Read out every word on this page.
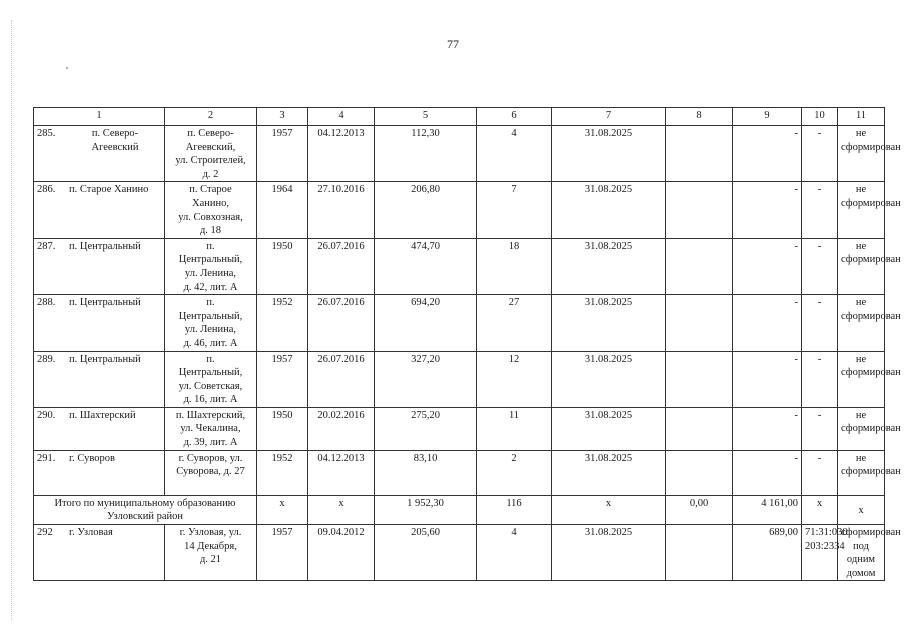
77
1	2	3	4	5	6	7	8	9	10	11

285. п. Северо-Агеевский	п. Северо-
Агеевский,
ул. Строителей,
д. 2	1957	04.12.2013	112,30	4	31.08.2025		-	-	не
сформирован
286. п. Старое Ханино	п. Старое
Ханино,
ул. Совхозная,
д. 18	1964	27.10.2016	206,80	7	31.08.2025		-	-	не
сформирован
287. п. Центральный	п.
Центральный,
ул. Ленина,
д. 42, лит. А	1950	26.07.2016	474,70	18	31.08.2025		-	-	не
сформирован
288. п. Центральный	п.
Центральный,
ул. Ленина,
д. 46, лит. А	1952	26.07.2016	694,20	27	31.08.2025		-	-	не
сформирован
289. п. Центральный	п.
Центральный,
ул. Советская,
д. 16, лит. А	1957	26.07.2016	327,20	12	31.08.2025		-	-	не
сформирован
290. п. Шахтерский	п. Шахтерский,
ул. Чекалина,
д. 39, лит. А	1950	20.02.2016	275,20	11	31.08.2025		-	-	не
сформирован
291. г. Суворов	г. Суворов, ул.
Суворова, д. 27	1952	04.12.2013	83,10	2	31.08.2025		-	-	не
сформирован
Итого по муниципальному образованию Узловский район		х	х	1 952,30	116	х	0,00	4 161,00	х	х
292 г. Узловая	г. Узловая, ул.
14 Декабря,
д. 21	1957	09.04.2012	205,60	4	31.08.2025		689,00	71:31:030
203:2334	сформирован
под одним
домом
